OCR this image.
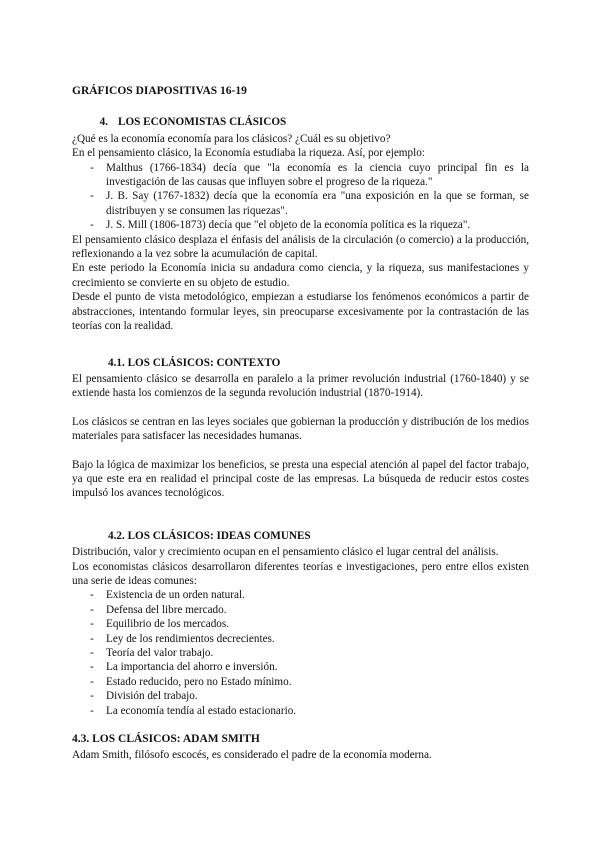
GRÁFICOS DIAPOSITIVAS 16-19
4. LOS ECONOMISTAS CLÁSICOS

¿Qué es la economía economía para los clásicos? ¿Cuál es su objetivo?

En el pensamiento clásico, la Economía estudiaba la riqueza. Así, por ejemplo:

- Malthus (1766-1834) decía que "la economía es la ciencia cuyo principal fin es la investigación de las causas que influyen sobre el progreso de la riqueza."
- J. B. Say (1767-1832) decía que la economía era "una exposición en la que se forman, se distribuyen y se consumen las riquezas".
- J. S. Mill (1806-1873) decía que "el objeto de la economía política es la riqueza".

El pensamiento clásico desplaza el énfasis del análisis de la circulación (o comercio) a la producción, reflexionando a la vez sobre la acumulación de capital.

En este periodo la Economía inicia su andadura como ciencia, y la riqueza, sus manifestaciones y crecimiento se convierte en su objeto de estudio.

Desde el punto de vista metodológico, empiezan a estudiarse los fenómenos económicos a partir de abstracciones, intentando formular leyes, sin preocuparse excesivamente por la contrastación de las teorías con la realidad.

4.1. LOS CLÁSICOS: CONTEXTO

El pensamiento clásico se desarrolla en paralelo a la primer revolución industrial (1760-1840) y se extiende hasta los comienzos de la segunda revolución industrial (1870-1914).

Los clásicos se centran en las leyes sociales que gobiernan la producción y distribución de los medios materiales para satisfacer las necesidades humanas.

Bajo la lógica de maximizar los beneficios, se presta una especial atención al papel del factor trabajo, ya que este era en realidad el principal coste de las empresas. La búsqueda de reducir estos costes impulsó los avances tecnológicos.

4.2. LOS CLÁSICOS: IDEAS COMUNES

Distribución, valor y crecimiento ocupan en el pensamiento clásico el lugar central del análisis.

Los economistas clásicos desarrollaron diferentes teorías e investigaciones, pero entre ellos existen una serie de ideas comunes:

- Existencia de un orden natural.
- Defensa del libre mercado.
- Equilibrio de los mercados.
- Ley de los rendimientos decrecientes.
- Teoría del valor trabajo.
- La importancia del ahorro e inversión.
- Estado reducido, pero no Estado mínimo.
- División del trabajo.
- La economía tendía al estado estacionario.
4.3. LOS CLÁSICOS: ADAM SMITH

Adam Smith, filósofo escocés, es considerado el padre de la economía moderna.
